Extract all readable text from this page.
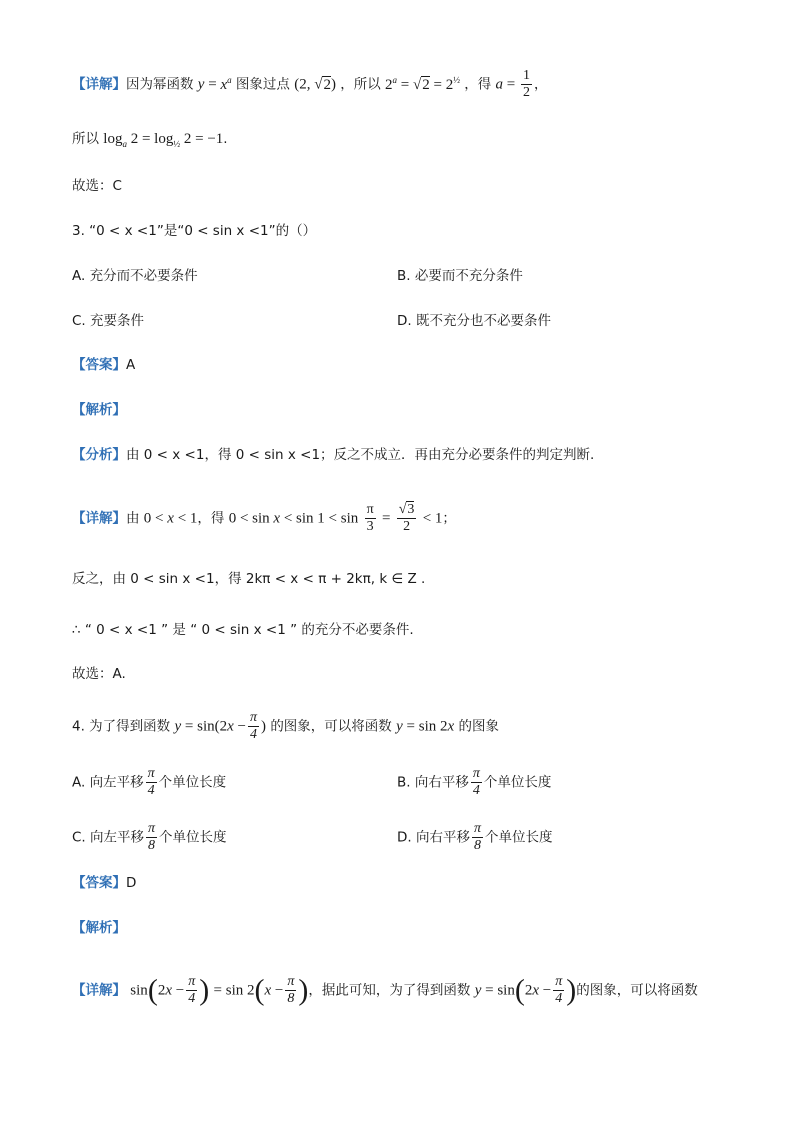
【详解】因为幂函数 $y = x^a$ 图象过点 (2, √2) ，所以 $2^a = √2 = 2^{\frac{1}{2}}$ ，得 $a = \frac{1}{2}$ ，
所以 $\log_a 2 = \log_{\frac{1}{2}} 2 = -1$.
故选：C
3. “0 < x <1”是“0 < sin x <1”的（）
A. 充分而不必要条件	B. 必要而不充分条件
C. 充要条件	D. 既不充分也不必要条件
【答案】A
【解析】
【分析】由 0 < x <1，得 0 < sin x <1；反之不成立．再由充分必要条件的判定判断.
【详解】由 0 < x < 1，得 $0 < \sin x < \sin 1 < \sin \frac{\pi}{3} = \frac{√3}{2} < 1$；
反之，由 0 < sin x <1，得 2kπ < x < π + 2kπ, k ∈ Z .
∴ “ 0 < x <1 ” 是 “ 0 < sin x <1 ” 的充分不必要条件.
故选：A.
4. 为了得到函数 $y = \sin(2x - \frac{\pi}{4}$ ) 的图象，可以将函数 y = sin 2x 的图象
A. 向左平移 $\frac{\pi}{4}$ 个单位长度	B. 向右平移 $\frac{\pi}{4}$ 个单位长度
C. 向左平移 $\frac{\pi}{8}$ 个单位长度	D. 向右平移 $\frac{\pi}{8}$ 个单位长度
【答案】D
【解析】
【详解】 $\sin(2x - \frac{\pi}{4}$ ) = $\sin 2(x - \frac{\pi}{8}$ )，据此可知，为了得到函数 $y = \sin(2x - \frac{\pi}{4}$ )的图象，可以将函数
